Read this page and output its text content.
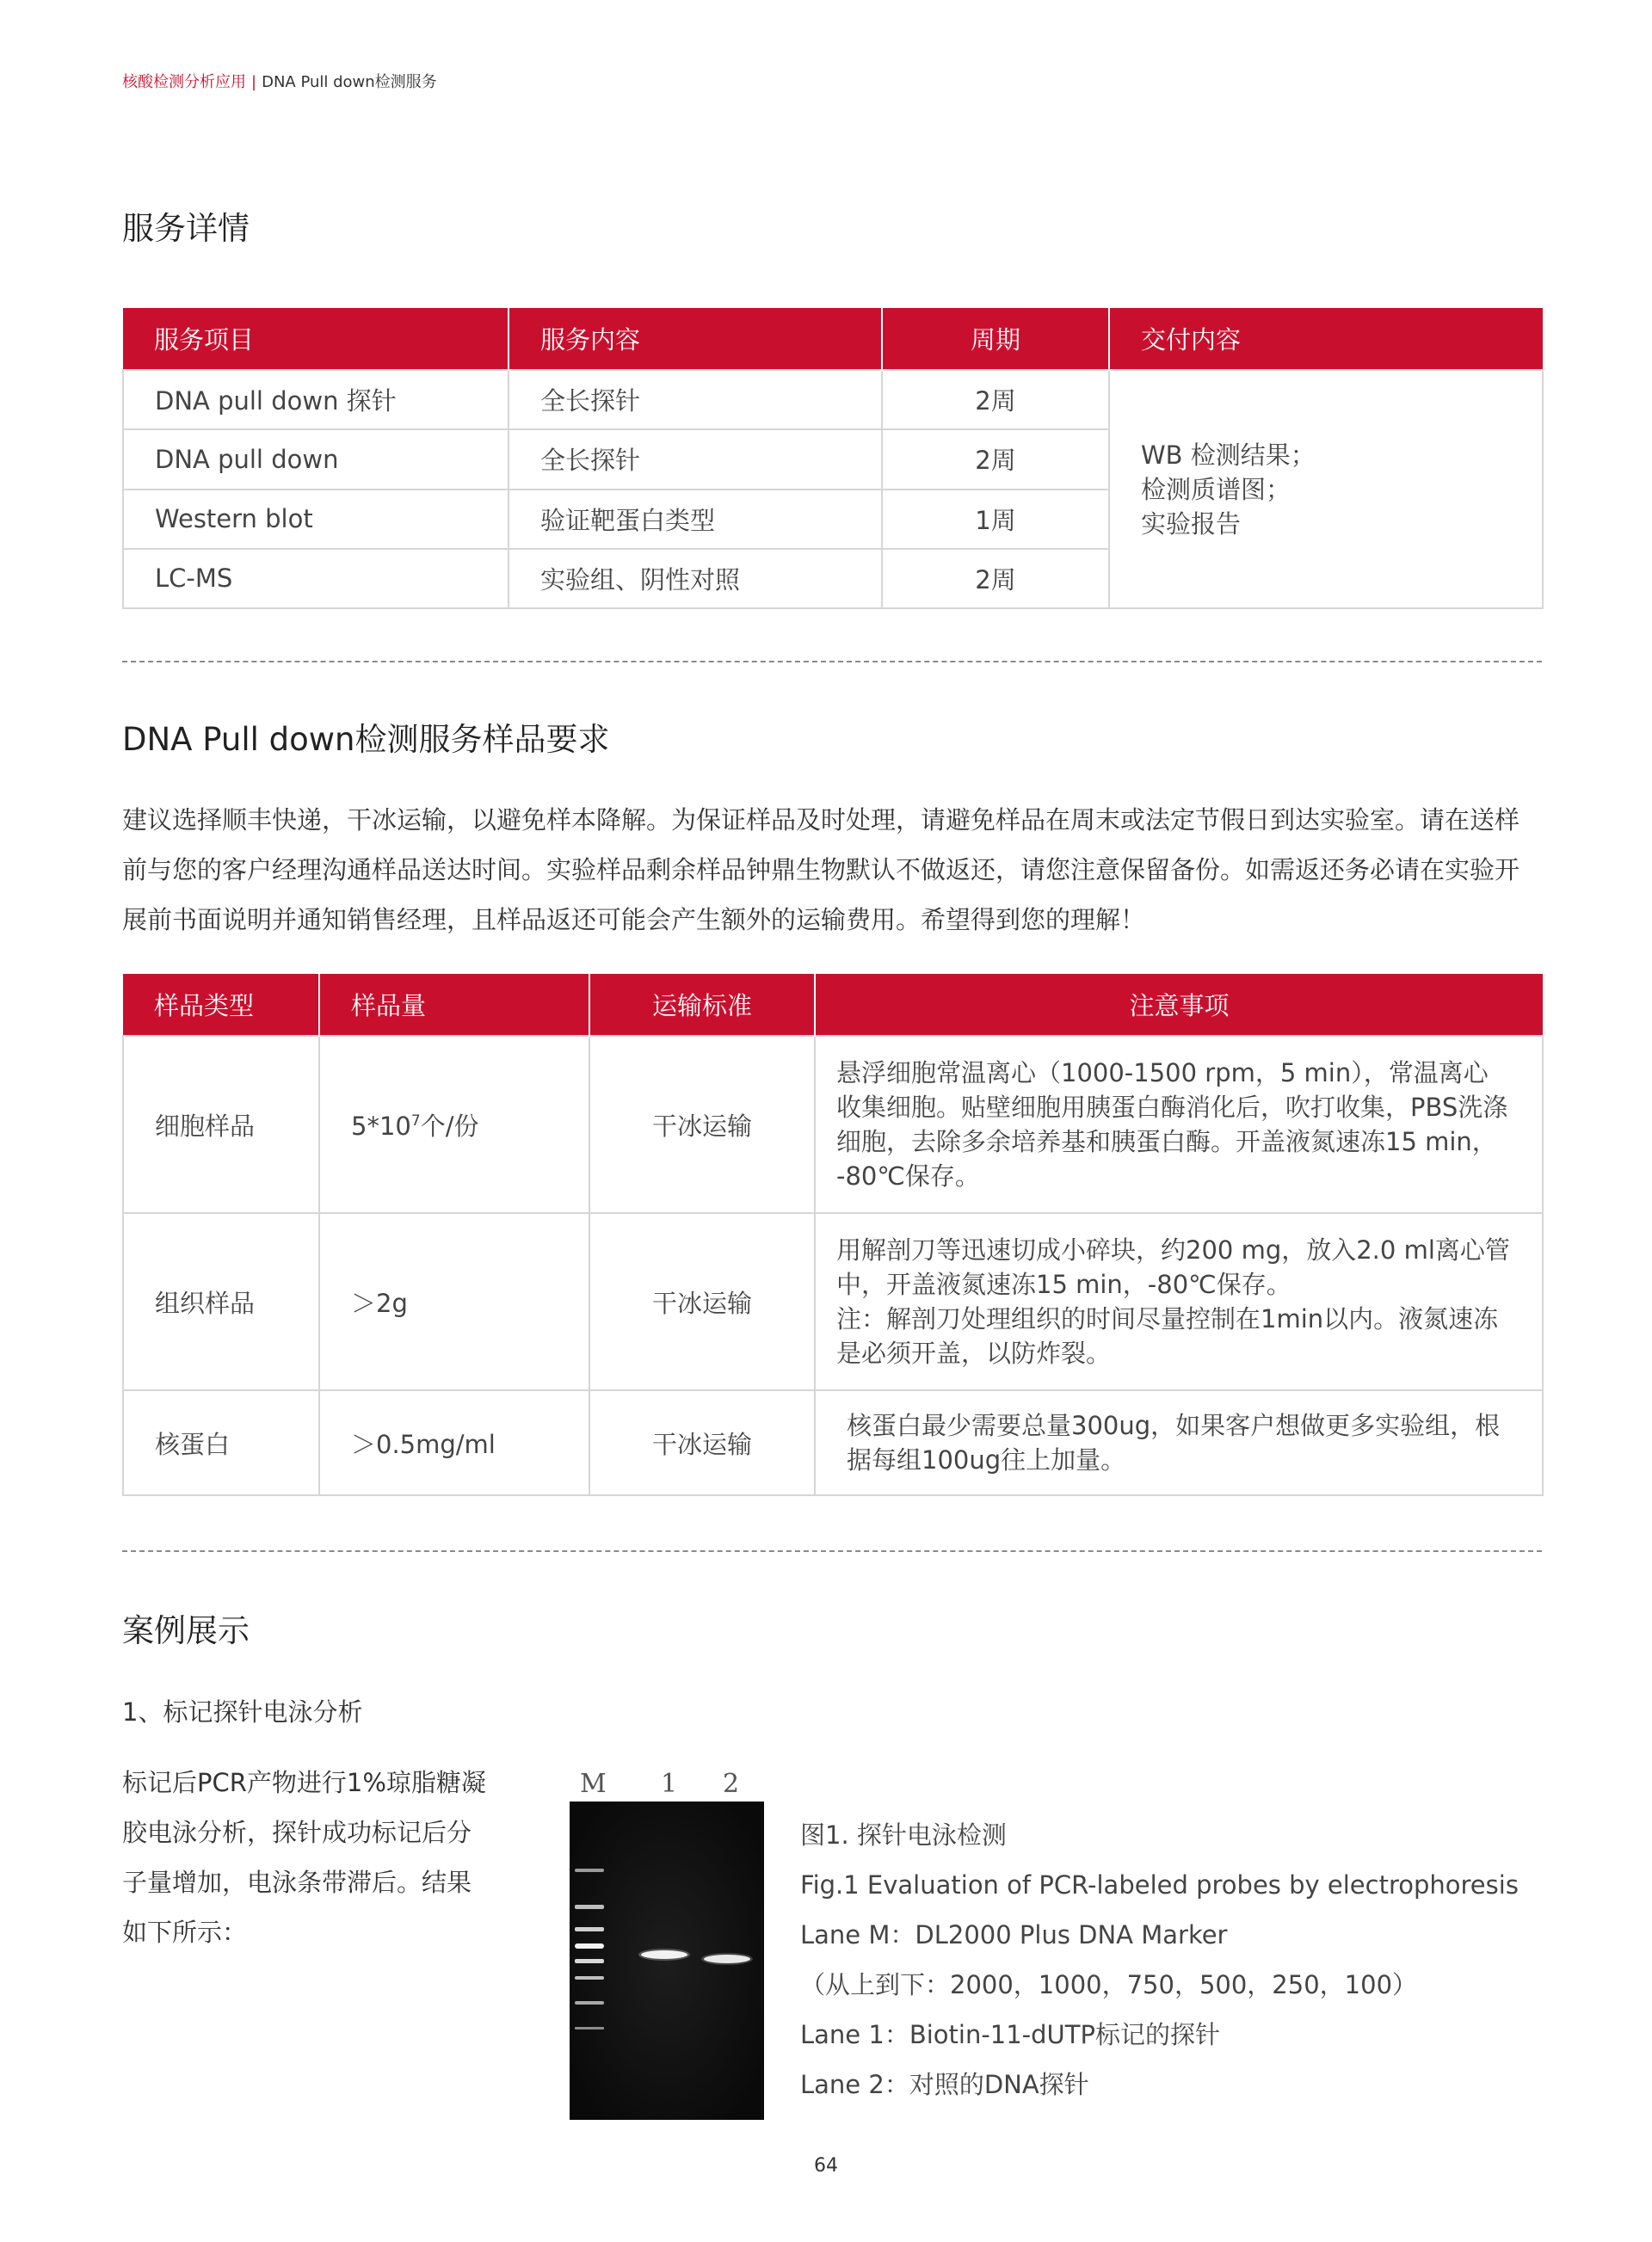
核酸检测分析应用 | DNA Pull down检测服务
服务详情
服务项目	服务内容	周期	交付内容
DNA pull down 探针	全长探针	2周	WB 检测结果；
检测质谱图；
实验报告

DNA pull down	全长探针	2周	
Western blot	验证靶蛋白类型	1周	
LC-MS	实验组、阴性对照	2周	
DNA Pull down检测服务样品要求

建议选择顺丰快递，干冰运输，以避免样本降解。为保证样品及时处理，请避免样品在周末或法定节假日到达实验室。请在送样前与您的客户经理沟通样品送达时间。实验样品剩余样品钟鼎生物默认不做返还，请您注意保留备份。如需返还务必请在实验开展前书面说明并通知销售经理，且样品返还可能会产生额外的运输费用。希望得到您的理解！

样品类型	样品量	运输标准	注意事项
细胞样品	$5*10^7$个/份	干冰运输	悬浮细胞常温离心（1000-1500 rpm，5 min），常温离心
收集细胞。贴壁细胞用胰蛋白酶消化后，吹打收集，PBS洗涤
细胞，去除多余培养基和胰蛋白酶。开盖液氮速冻15 min，
-80℃保存。

组织样品	＞2g	干冰运输	用解剖刀等迅速切成小碎块，约200 mg，放入2.0 ml离心管
中，开盖液氮速冻15 min，-80℃保存。
注：解剖刀处理组织的时间尽量控制在1min以内。液氮速冻
是必须开盖，以防炸裂。

核蛋白	＞0.5mg/ml	干冰运输	核蛋白最少需要总量300ug，如果客户想做更多实验组，根
据每组100ug往上加量。
案例展示
1、标记探针电泳分析
标记后PCR产物进行1%琼脂糖凝
胶电泳分析，探针成功标记后分
子量增加，电泳条带滞后。结果
如下所示：
M 1 2
图1. 探针电泳检测
Fig.1 Evaluation of PCR-labeled probes by electrophoresis
Lane M：DL2000 Plus DNA Marker
（从上到下：2000，1000，750，500，250，100）
Lane 1：Biotin-11-dUTP标记的探针
Lane 2：对照的DNA探针
64
